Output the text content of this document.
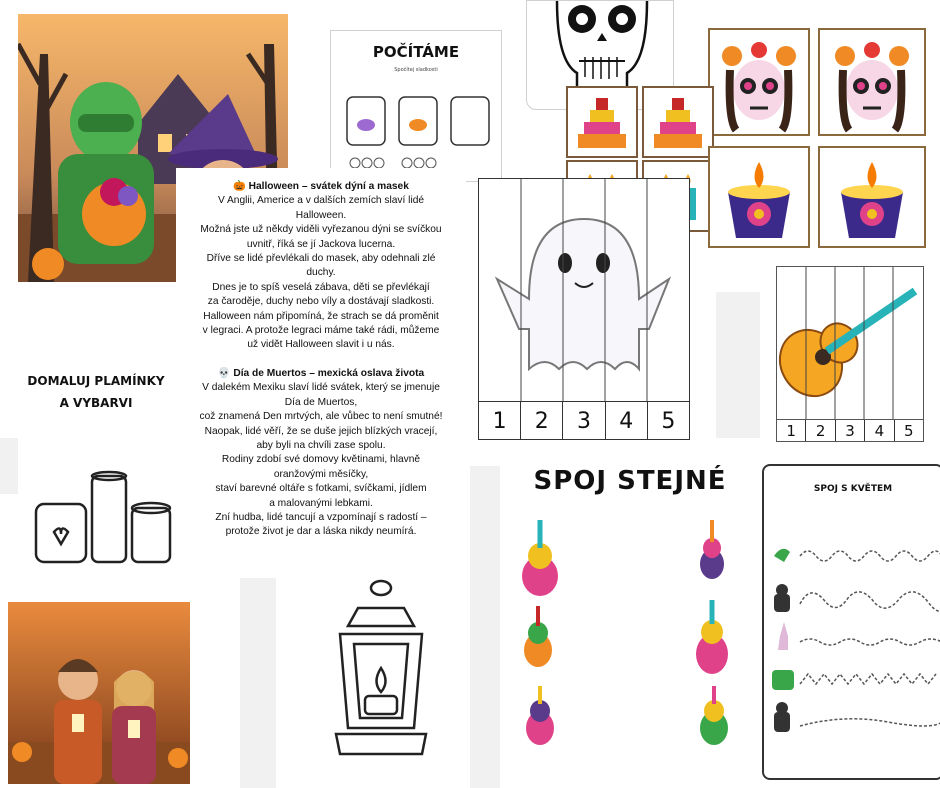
POČÍTÁME
Spočítej sladkosti
1	2	3	4	5	1	2	3	4	5

🎃 Halloween – svátek dýní a masek

V Anglii, Americe a v dalších zemích slaví lidé

Halloween.

Možná jste už někdy viděli vyřezanou dýni se svíčkou

uvnitř, říká se jí Jackova lucerna.

Dříve se lidé převlékali do masek, aby odehnali zlé

duchy.

Dnes je to spíš veselá zábava, děti se převlékají

za čaroděje, duchy nebo víly a dostávají sladkosti.

Halloween nám připomíná, že strach se dá proměnit

v legraci. A protože legraci máme také rádi, můžeme

už vidět Halloween slavit i u nás.

💀 Día de Muertos – mexická oslava života

V dalekém Mexiku slaví lidé svátek, který se jmenuje

Día de Muertos,

což znamená Den mrtvých, ale vůbec to není smutné!

Naopak, lidé věří, že se duše jejich blízkých vracejí,

aby byli na chvíli zase spolu.

Rodiny zdobí své domovy květinami, hlavně

oranžovými měsíčky,

staví barevné oltáře s fotkami, svíčkami, jídlem

a malovanými lebkami.

Zní hudba, lidé tancují a vzpomínají s radostí –

protože život je dar a láska nikdy neumírá.

DOMALUJ PLAMÍNKY
A VYBARVI
SPOJ STEJNÉ	SPOJ S KVĚTEM
